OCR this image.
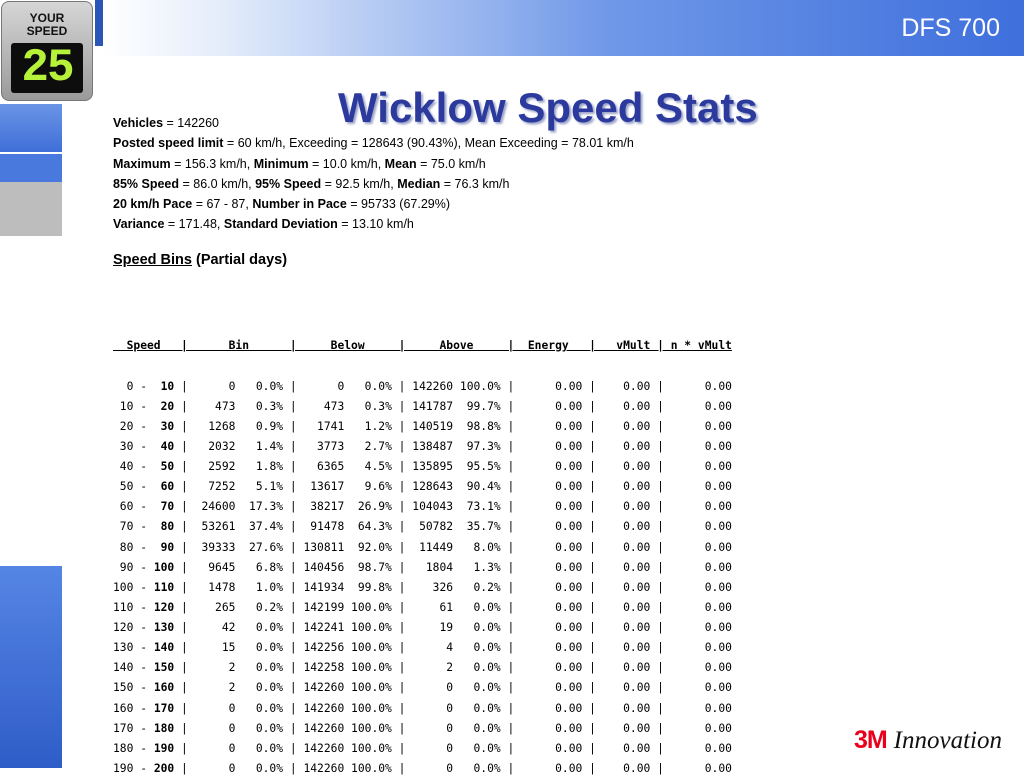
DFS 700
YOUR
SPEED
25
Wicklow Speed Stats
Vehicles = 142260
Posted speed limit = 60 km/h, Exceeding = 128643 (90.43%), Mean Exceeding = 78.01 km/h
Maximum = 156.3 km/h, Minimum = 10.0 km/h, Mean = 75.0 km/h
85% Speed = 86.0 km/h, 95% Speed = 92.5 km/h, Median = 76.3 km/h
20 km/h Pace = 67 - 87, Number in Pace = 95733 (67.29%)
Variance = 171.48, Standard Deviation = 13.10 km/h
Speed Bins (Partial days)

Speed   |      Bin      |     Below     |     Above     |  Energy   |   vMult | n * vMult

0 -  10 |      0   0.0% |      0   0.0% | 142260 100.0% |      0.00 |    0.00 |      0.00
10 -  20 |    473   0.3% |    473   0.3% | 141787  99.7% |      0.00 |    0.00 |      0.00
20 -  30 |   1268   0.9% |   1741   1.2% | 140519  98.8% |      0.00 |    0.00 |      0.00
30 -  40 |   2032   1.4% |   3773   2.7% | 138487  97.3% |      0.00 |    0.00 |      0.00
40 -  50 |   2592   1.8% |   6365   4.5% | 135895  95.5% |      0.00 |    0.00 |      0.00
50 -  60 |   7252   5.1% |  13617   9.6% | 128643  90.4% |      0.00 |    0.00 |      0.00
60 -  70 |  24600  17.3% |  38217  26.9% | 104043  73.1% |      0.00 |    0.00 |      0.00
70 -  80 |  53261  37.4% |  91478  64.3% |  50782  35.7% |      0.00 |    0.00 |      0.00
80 -  90 |  39333  27.6% | 130811  92.0% |  11449   8.0% |      0.00 |    0.00 |      0.00
90 - 100 |   9645   6.8% | 140456  98.7% |   1804   1.3% |      0.00 |    0.00 |      0.00
100 - 110 |   1478   1.0% | 141934  99.8% |    326   0.2% |      0.00 |    0.00 |      0.00
110 - 120 |    265   0.2% | 142199 100.0% |     61   0.0% |      0.00 |    0.00 |      0.00
120 - 130 |     42   0.0% | 142241 100.0% |     19   0.0% |      0.00 |    0.00 |      0.00
130 - 140 |     15   0.0% | 142256 100.0% |      4   0.0% |      0.00 |    0.00 |      0.00
140 - 150 |      2   0.0% | 142258 100.0% |      2   0.0% |      0.00 |    0.00 |      0.00
150 - 160 |      2   0.0% | 142260 100.0% |      0   0.0% |      0.00 |    0.00 |      0.00
160 - 170 |      0   0.0% | 142260 100.0% |      0   0.0% |      0.00 |    0.00 |      0.00
170 - 180 |      0   0.0% | 142260 100.0% |      0   0.0% |      0.00 |    0.00 |      0.00
180 - 190 |      0   0.0% | 142260 100.0% |      0   0.0% |      0.00 |    0.00 |      0.00
190 - 200 |      0   0.0% | 142260 100.0% |      0   0.0% |      0.00 |    0.00 |      0.00
3M Innovation
